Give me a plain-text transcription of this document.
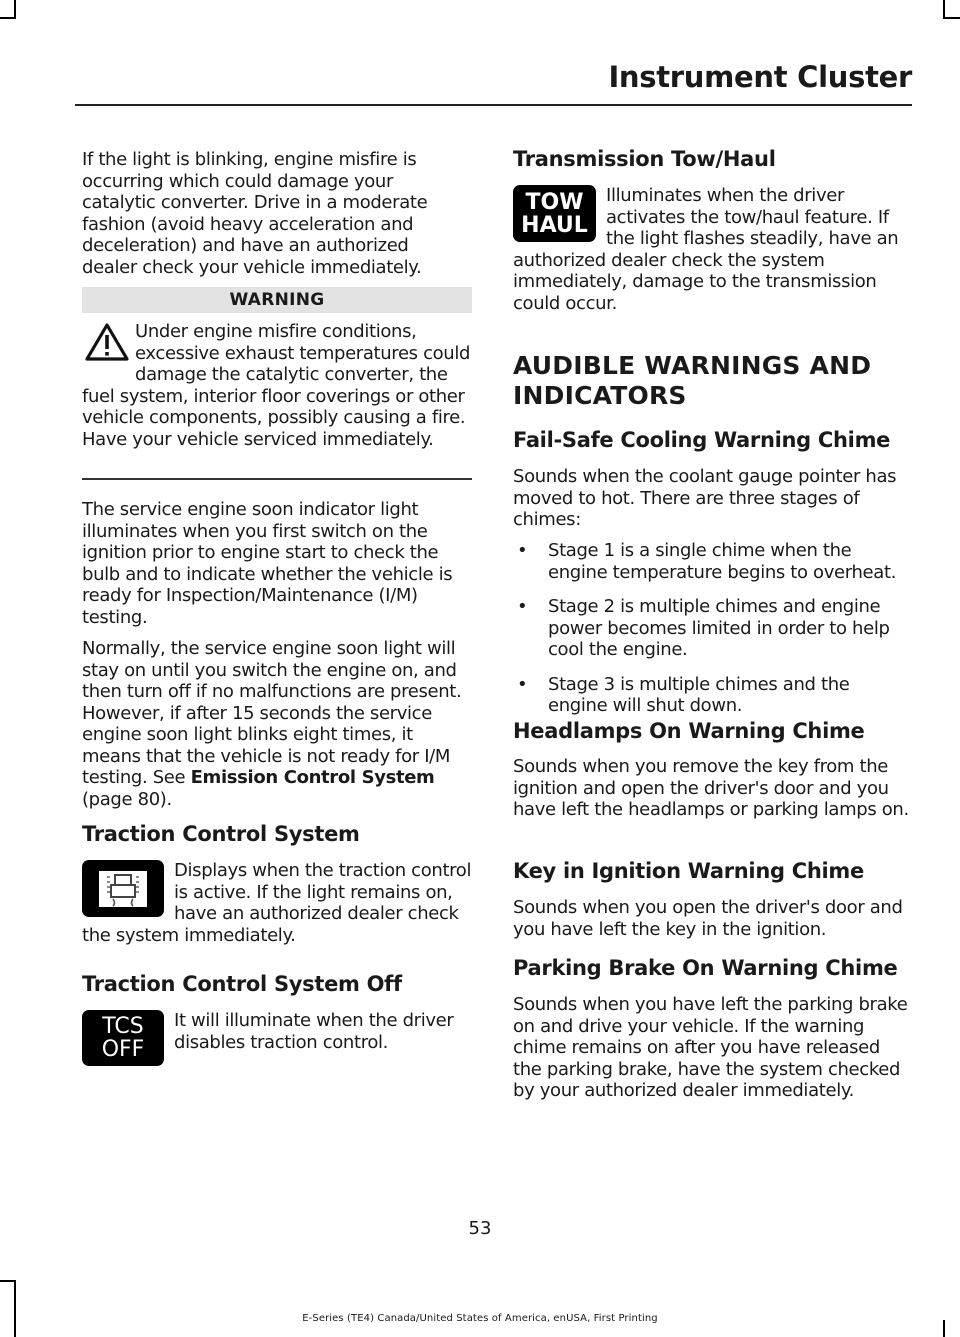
Instrument Cluster

If the light is blinking, engine misfire is occurring which could damage your catalytic converter. Drive in a moderate fashion (avoid heavy acceleration and deceleration) and have an authorized dealer check your vehicle immediately.

WARNING
Under engine misfire conditions, excessive exhaust temperatures could damage the catalytic converter, the fuel system, interior floor coverings or other vehicle components, possibly causing a fire. Have your vehicle serviced immediately.

The service engine soon indicator light illuminates when you first switch on the ignition prior to engine start to check the bulb and to indicate whether the vehicle is ready for Inspection/Maintenance (I/M) testing.

Normally, the service engine soon light will stay on until you switch the engine on, and then turn off if no malfunctions are present. However, if after 15 seconds the service engine soon light blinks eight times, it means that the vehicle is not ready for I/M testing. See Emission Control System (page 80).

Traction Control System
Displays when the traction control is active. If the light remains on, have an authorized dealer check the system immediately.
Traction Control System Off
TCS
OFF

It will illuminate when the driver disables traction control.

Transmission Tow/Haul
TOW
HAUL
Illuminates when the driver activates the tow/haul feature. If the light flashes steadily, have an authorized dealer check the system immediately, damage to the transmission could occur.
AUDIBLE WARNINGS AND
INDICATORS
Fail-Safe Cooling Warning Chime

Sounds when the coolant gauge pointer has moved to hot. There are three stages of chimes:

• Stage 1 is a single chime when the engine temperature begins to overheat.
• Stage 2 is multiple chimes and engine power becomes limited in order to help cool the engine.
• Stage 3 is multiple chimes and the engine will shut down.
Headlamps On Warning Chime

Sounds when you remove the key from the ignition and open the driver's door and you have left the headlamps or parking lamps on.

Key in Ignition Warning Chime

Sounds when you open the driver's door and you have left the key in the ignition.

Parking Brake On Warning Chime

Sounds when you have left the parking brake on and drive your vehicle. If the warning chime remains on after you have released the parking brake, have the system checked by your authorized dealer immediately.

53
E-Series (TE4) Canada/United States of America, enUSA, First Printing
